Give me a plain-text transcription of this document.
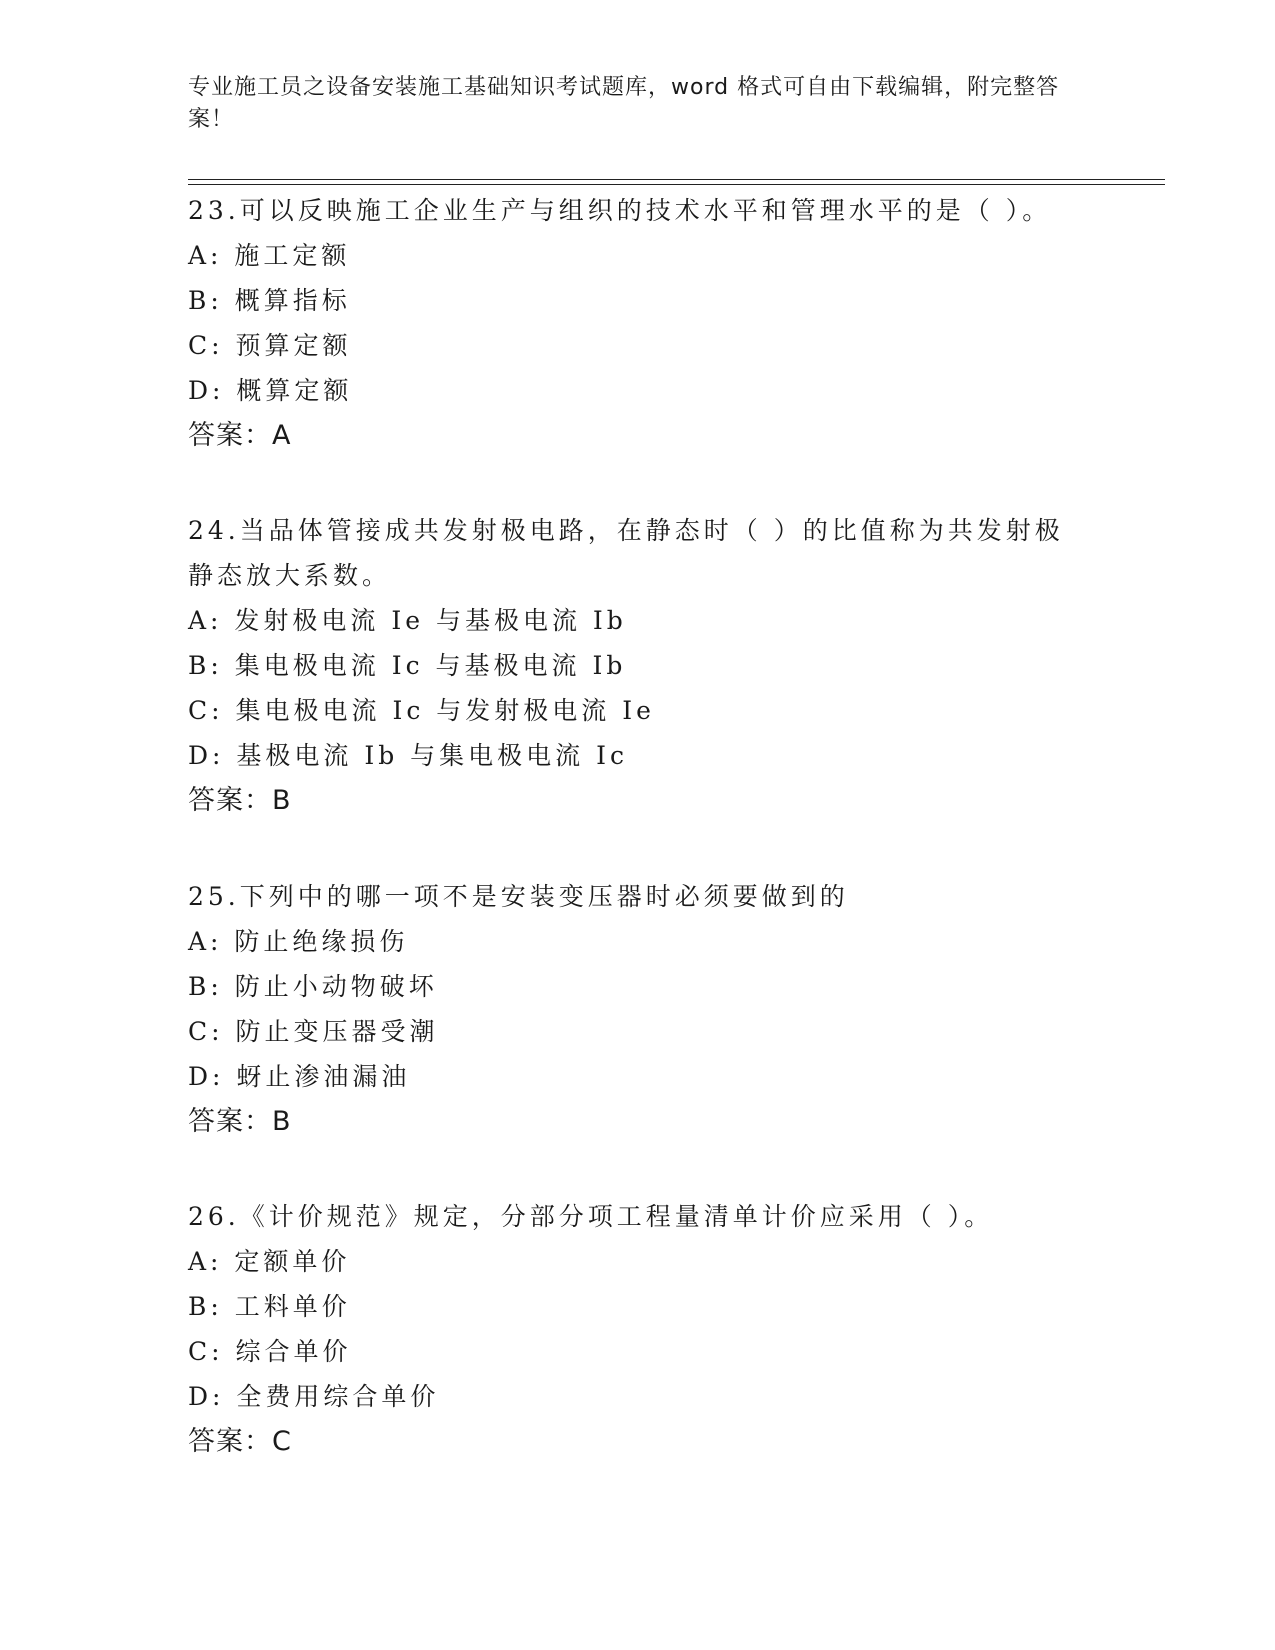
专业施工员之设备安装施工基础知识考试题库，word 格式可自由下载编辑，附完整答案！
23.可以反映施工企业生产与组织的技术水平和管理水平的是（ ）。
A: 施工定额
B: 概算指标
C: 预算定额
D: 概算定额
答案：A
24.当品体管接成共发射极电路，在静态时（ ）的比值称为共发射极静态放大系数。
A: 发射极电流 Ie 与基极电流 Ib
B: 集电极电流 Ic 与基极电流 Ib
C: 集电极电流 Ic 与发射极电流 Ie
D: 基极电流 Ib 与集电极电流 Ic
答案：B
25.下列中的哪一项不是安装变压器时必须要做到的
A: 防止绝缘损伤
B: 防止小动物破坏
C: 防止变压器受潮
D: 蚜止渗油漏油
答案：B
26.《计价规范》规定，分部分项工程量清单计价应采用（ ）。
A: 定额单价
B: 工料单价
C: 综合单价
D: 全费用综合单价
答案：C
